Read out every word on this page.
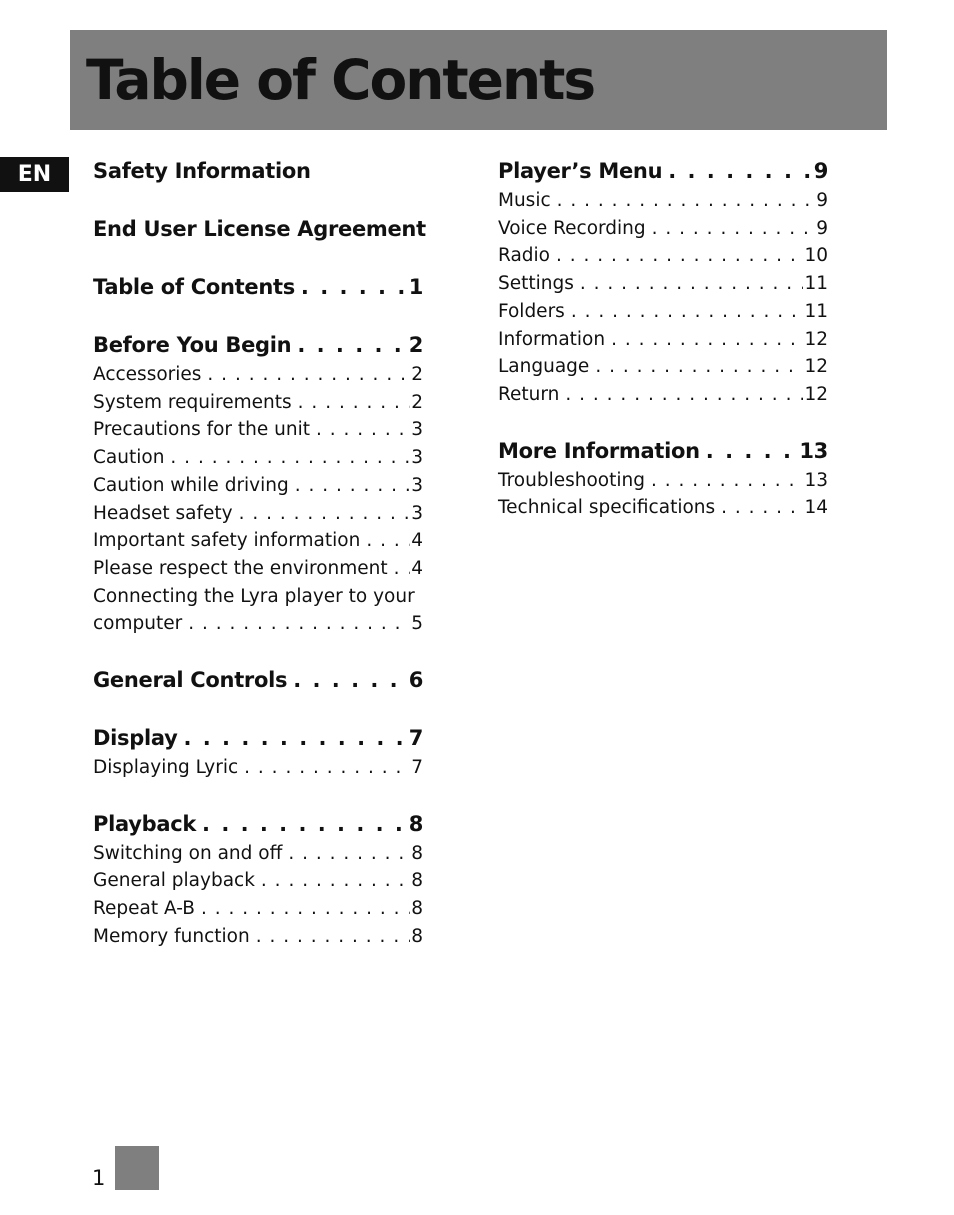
Table of Contents
EN	Safety Information
End User License Agreement
Table of Contents . . .	1
Before You Begin . . .	2
Accessories . . .	2
System requirements . . .	2
Precautions for the unit . . .	3
Caution . . .	3
Caution while driving . . .	3
Headset safety . . .	3
Important safety information . . .	4
Please respect the environment . . . 4
Connecting the Lyra player to your
computer . . .	5
General Controls . . .	6
Display . . .	7
Displaying Lyric . . .	7
Playback . . .	8
Switching on and off . . .	8
General playback . . .	8
Repeat A-B . . .	8
Memory function . . .	8
Player’s Menu . . .	9
Music . . .	9
Voice Recording . . .	9
Radio . . .	10
Settings . . .	11
Folders . . .	11
Information . . .	12
Language . . .	12
Return . . .	12
More Information . . .	13
Troubleshooting . . .	13
Technical specifications . . .	14
1
